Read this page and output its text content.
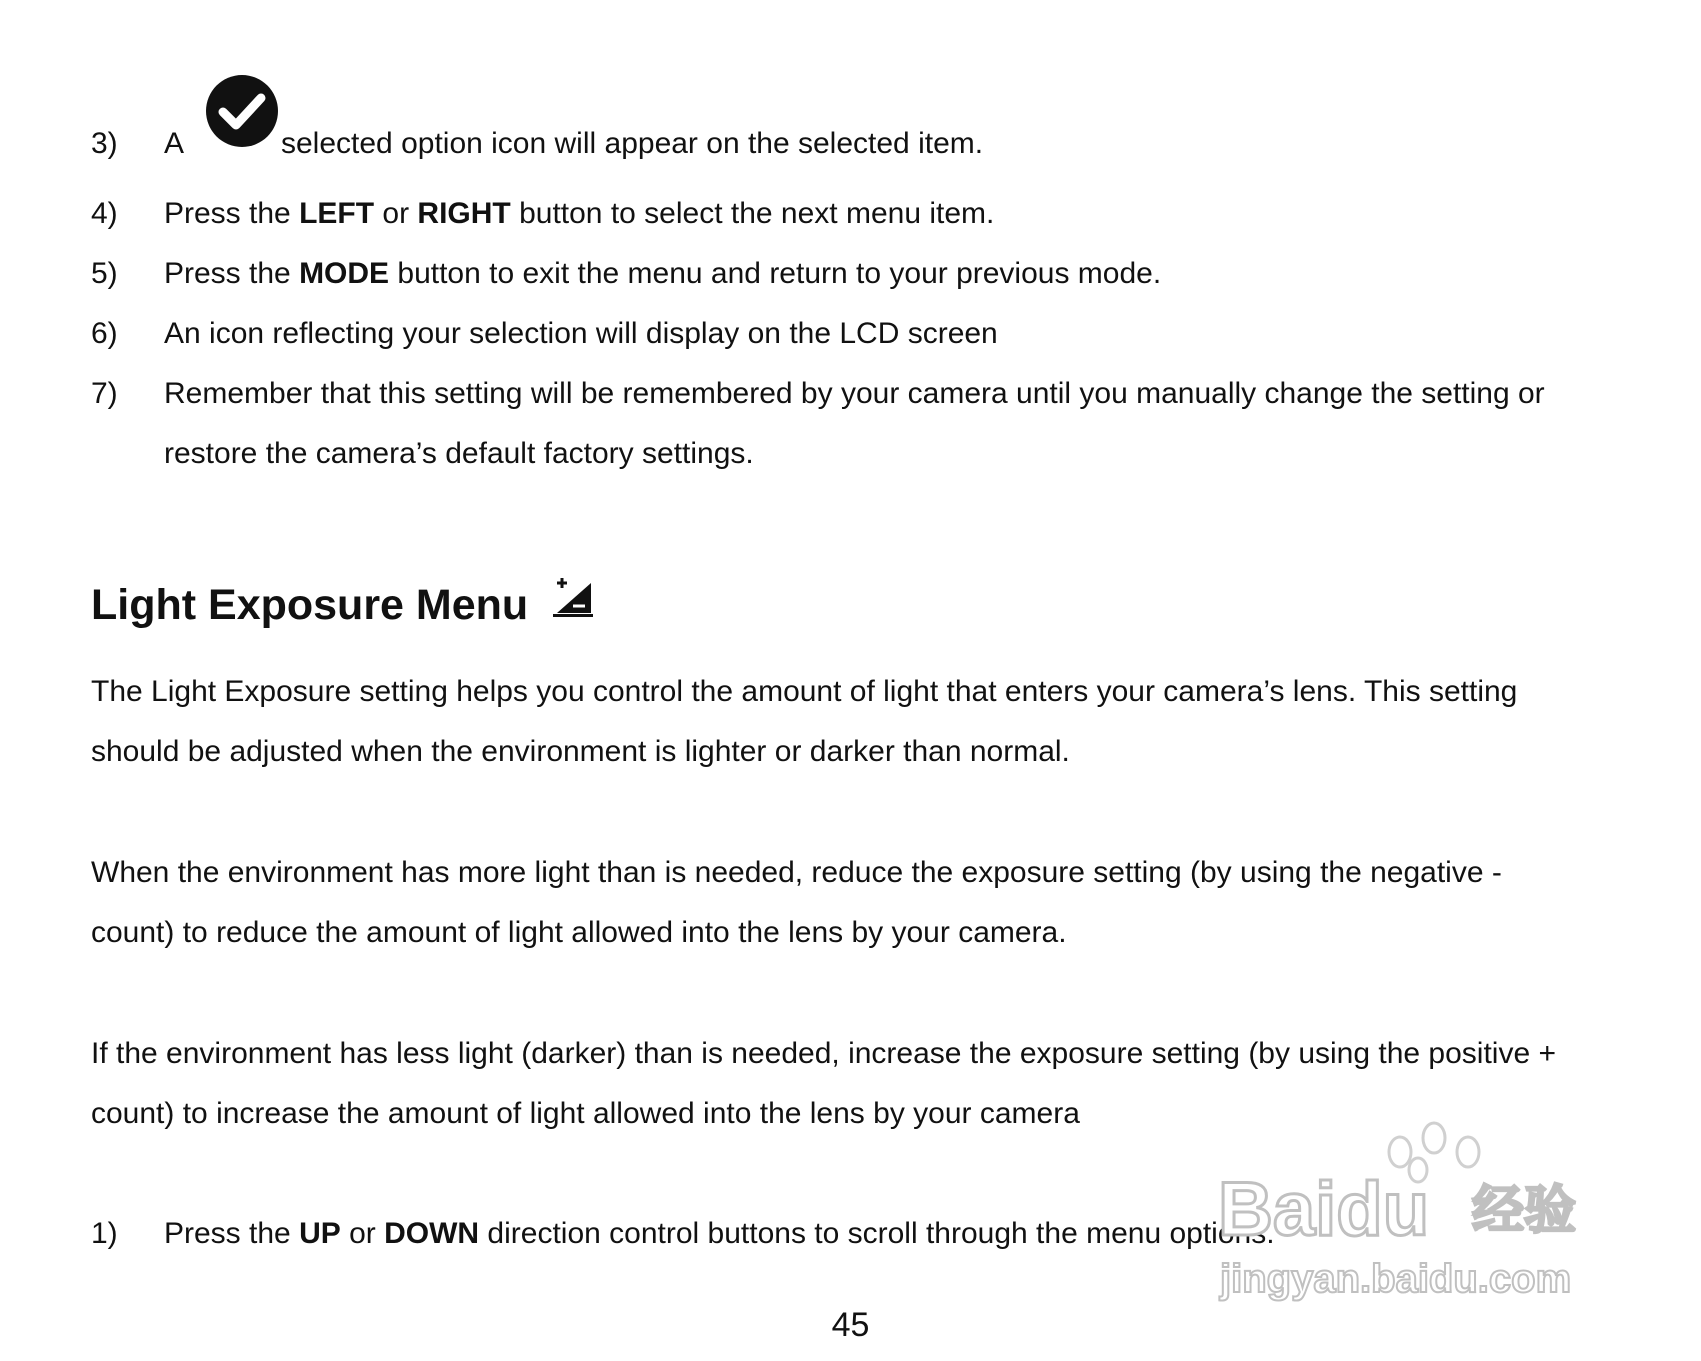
3)	A	selected option icon will appear on the selected item.
4)	Press the LEFT or RIGHT button to select the next menu item.
5)	Press the MODE button to exit the menu and return to your previous mode.
6)	An icon reflecting your selection will display on the LCD screen
7)	Remember that this setting will be remembered by your camera until you manually change the setting or
restore the camera’s default factory settings.
Light Exposure Menu
The Light Exposure setting helps you control the amount of light that enters your camera’s lens. This setting
should be adjusted when the environment is lighter or darker than normal.
When the environment has more light than is needed, reduce the exposure setting (by using the negative -
count) to reduce the amount of light allowed into the lens by your camera.
If the environment has less light (darker) than is needed, increase the exposure setting (by using the positive +
count) to increase the amount of light allowed into the lens by your camera
1)	Press the UP or DOWN direction control buttons to scroll through the menu options.
45
Baidu 经验
jingyan.baidu.com
